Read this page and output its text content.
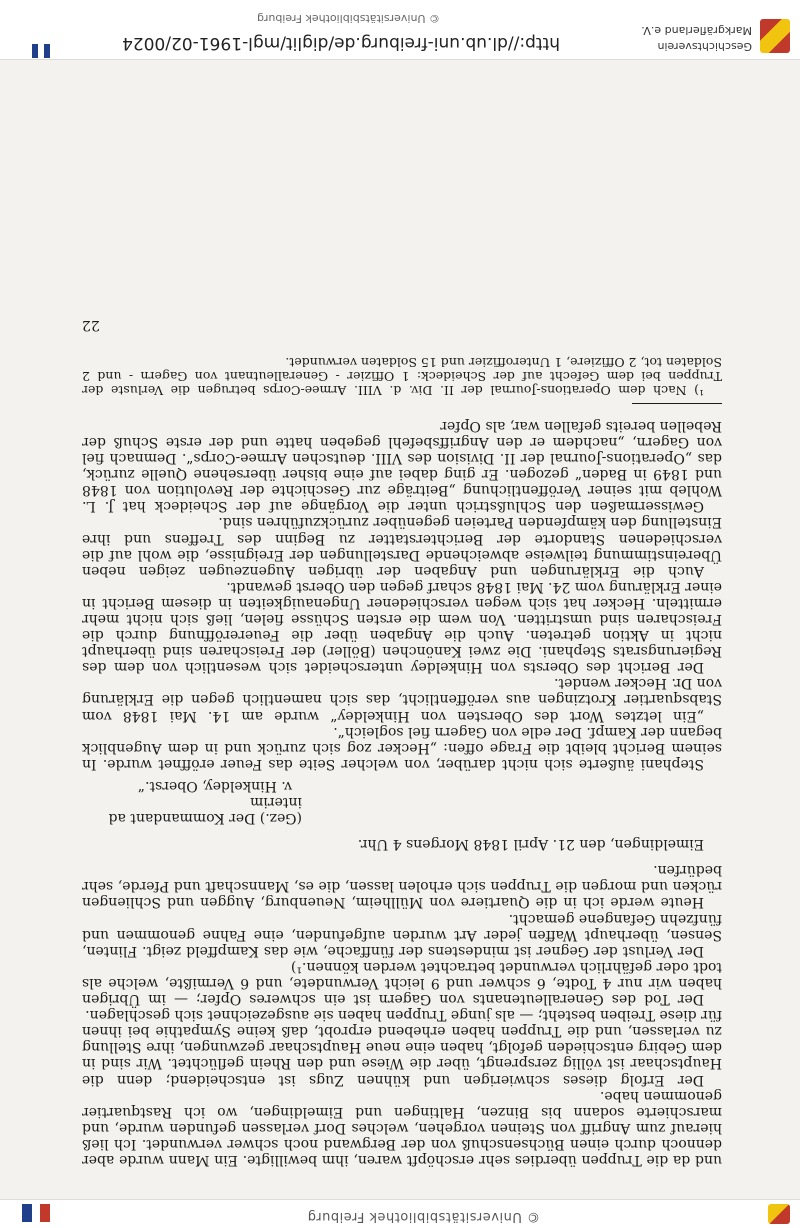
© Universitätsbibliothek Freiburg

und da die Truppen überdies sehr erschöpft waren, ihm bewilligte. Ein Mann wurde aber dennoch durch einen Büchsenschuß von der Bergwand noch schwer verwundet. Ich ließ hierauf zum Angriff von Steinen vorgehen, welches Dorf verlassen gefunden wurde, und marschierte sodann bis Binzen, Haltingen und Eimeldingen, wo ich Rastquartier genommen habe.

Der Erfolg dieses schwierigen und kühnen Zugs ist entscheidend; denn die Hauptschaar ist völlig zersprengt, über die Wiese und den Rhein geflüchtet. Wir sind in dem Gebirg entschieden gefolgt, haben eine neue Hauptschaar gezwungen, ihre Stellung zu verlassen, und die Truppen haben erhebend erprobt, daß keine Sympathie bei ihnen für diese Treiben besteht; — als junge Truppen haben sie ausgezeichnet sich geschlagen.

Der Tod des Generalleutenants von Gagern ist ein schweres Opfer; — im Übrigen haben wir nur 4 Todte, 6 schwer und 9 leicht Verwundete, und 6 Vermißte, welche als todt oder gefährlich verwundet betrachtet werden können.¹)

Der Verlust der Gegner ist mindestens der fünffache, wie das Kampffeld zeigt. Flinten, Sensen, überhaupt Waffen jeder Art wurden aufgefunden, eine Fahne genommen und fünfzehn Gefangene gemacht.

Heute werde ich in die Quartiere von Müllheim, Neuenburg, Auggen und Schliengen rücken und morgen die Truppen sich erholen lassen, die es, Mannschaft und Pferde, sehr bedürfen.

Eimeldingen, den 21. April 1848 Morgens 4 Uhr.

(Gez.) Der Kommandant ad interim
v. Hinkeldey, Oberst.“

Stephani äußerte sich nicht darüber, von welcher Seite das Feuer eröffnet wurde. In seinem Bericht bleibt die Frage offen: „Hecker zog sich zurück und in dem Augenblick begann der Kampf. Der edle von Gagern fiel sogleich“.

„Ein letztes Wort des Obersten von Hinkeldey“ wurde am 14. Mai 1848 vom Stabsquartier Krotzingen aus veröffentlicht, das sich namentlich gegen die Erklärung von Dr. Hecker wendet.

Der Bericht des Obersts von Hinkeldey unterscheidet sich wesentlich von dem des Regierungsrats Stephani. Die zwei Kanönchen (Böller) der Freischaren sind überhaupt nicht in Aktion getreten. Auch die Angaben über die Feuereröffnung durch die Freischaren sind umstritten. Von wem die ersten Schüsse fielen, ließ sich nicht mehr ermitteln. Hecker hat sich wegen verschiedener Ungenauigkeiten in diesem Bericht in einer Erklärung vom 24. Mai 1848 scharf gegen den Oberst gewandt.

Auch die Erklärungen und Angaben der übrigen Augenzeugen zeigen neben Übereinstimmung teilweise abweichende Darstellungen der Ereignisse, die wohl auf die verschiedenen Standorte der Berichterstatter zu Beginn des Treffens und ihre Einstellung den kämpfenden Parteien gegenüber zurückzuführen sind.

Gewissermaßen den Schlußstrich unter die Vorgänge auf der Scheideck hat J. L. Wohleb mit seiner Veröffentlichung „Beiträge zur Geschichte der Revolution von 1848 und 1849 in Baden“ gezogen. Er ging dabei auf eine bisher übersehene Quelle zurück, das „Operations-Journal der II. Division des VIII. deutschen Armee-Corps“. Demnach fiel von Gagern, „nachdem er den Angriffsbefehl gegeben hatte und der erste Schuß der Rebellen bereits gefallen war, als Opfer

¹) Nach dem Operations-Journal der II. Div. d. VIII. Armee-Corps betrugen die Verluste der Truppen bei dem Gefecht auf der Scheideck: 1 Offizier - Generalleutnant von Gagern - und 2 Soldaten tot, 2 Offiziere, 1 Unteroffizier und 15 Soldaten verwundet.

22
Geschichtsverein
Markgräflerland e.V.
http://dl.ub.uni-freiburg.de/diglit/mgl-1961-02/0024
© Universitätsbibliothek Freiburg
